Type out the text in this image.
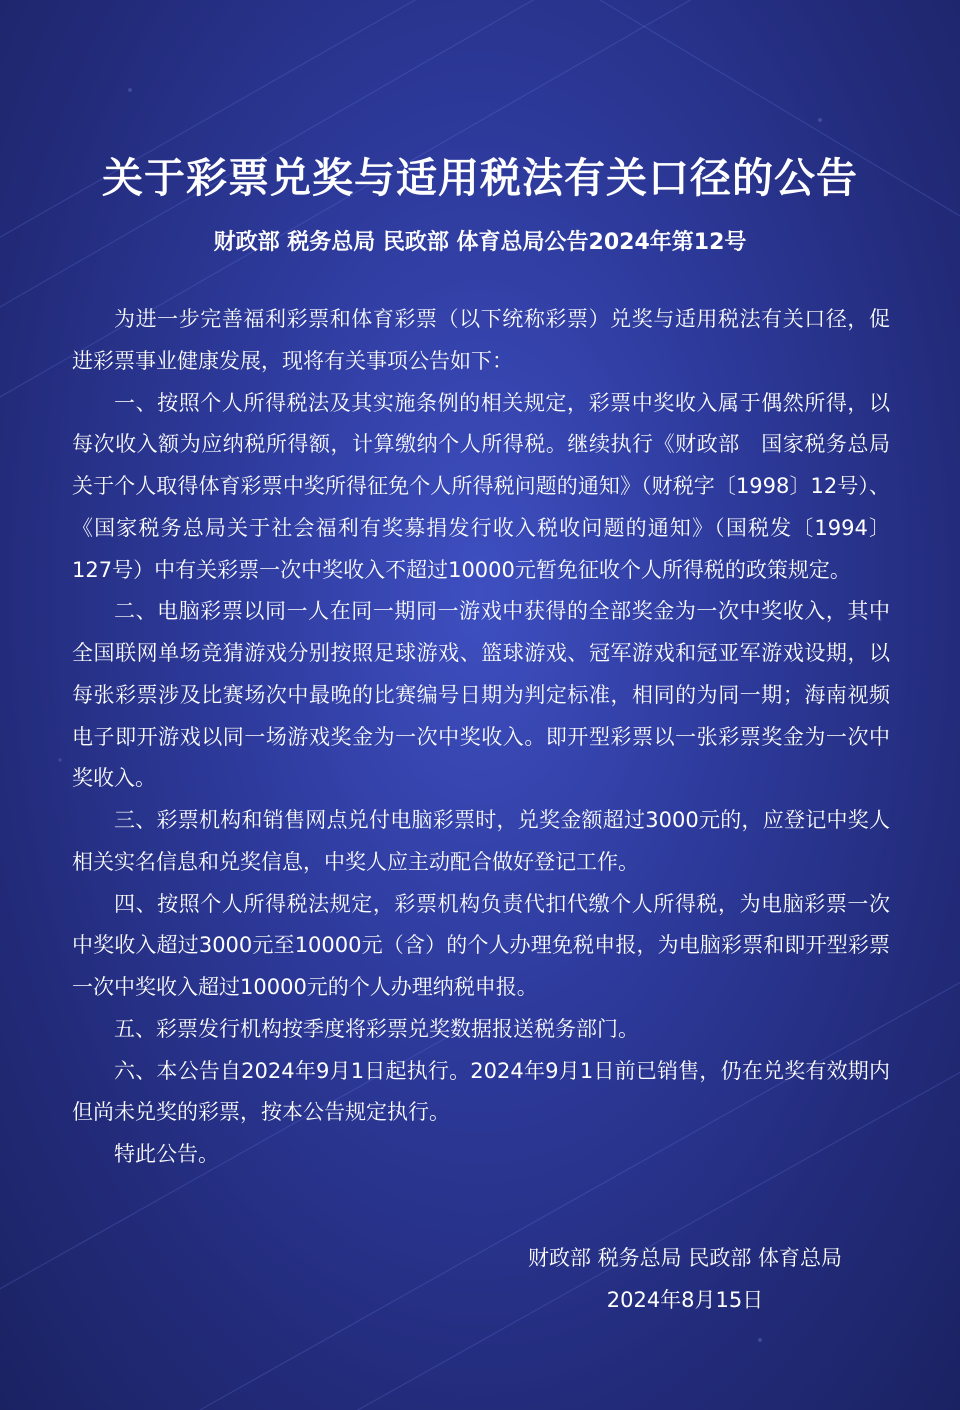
关于彩票兑奖与适用税法有关口径的公告
财政部 税务总局 民政部 体育总局公告2024年第12号

为进一步完善福利彩票和体育彩票（以下统称彩票）兑奖与适用税法有关口径，促进彩票事业健康发展，现将有关事项公告如下：

一、按照个人所得税法及其实施条例的相关规定，彩票中奖收入属于偶然所得，以每次收入额为应纳税所得额，计算缴纳个人所得税。继续执行《财政部　国家税务总局关于个人取得体育彩票中奖所得征免个人所得税问题的通知》（财税字〔1998〕12号）、《国家税务总局关于社会福利有奖募捐发行收入税收问题的通知》（国税发〔1994〕127号）中有关彩票一次中奖收入不超过10000元暂免征收个人所得税的政策规定。

二、电脑彩票以同一人在同一期同一游戏中获得的全部奖金为一次中奖收入，其中全国联网单场竞猜游戏分别按照足球游戏、篮球游戏、冠军游戏和冠亚军游戏设期，以每张彩票涉及比赛场次中最晚的比赛编号日期为判定标准，相同的为同一期；海南视频电子即开游戏以同一场游戏奖金为一次中奖收入。即开型彩票以一张彩票奖金为一次中奖收入。

三、彩票机构和销售网点兑付电脑彩票时，兑奖金额超过3000元的，应登记中奖人相关实名信息和兑奖信息，中奖人应主动配合做好登记工作。

四、按照个人所得税法规定，彩票机构负责代扣代缴个人所得税，为电脑彩票一次中奖收入超过3000元至10000元（含）的个人办理免税申报，为电脑彩票和即开型彩票一次中奖收入超过10000元的个人办理纳税申报。

五、彩票发行机构按季度将彩票兑奖数据报送税务部门。

六、本公告自2024年9月1日起执行。2024年9月1日前已销售，仍在兑奖有效期内但尚未兑奖的彩票，按本公告规定执行。

特此公告。

财政部 税务总局 民政部 体育总局
2024年8月15日
